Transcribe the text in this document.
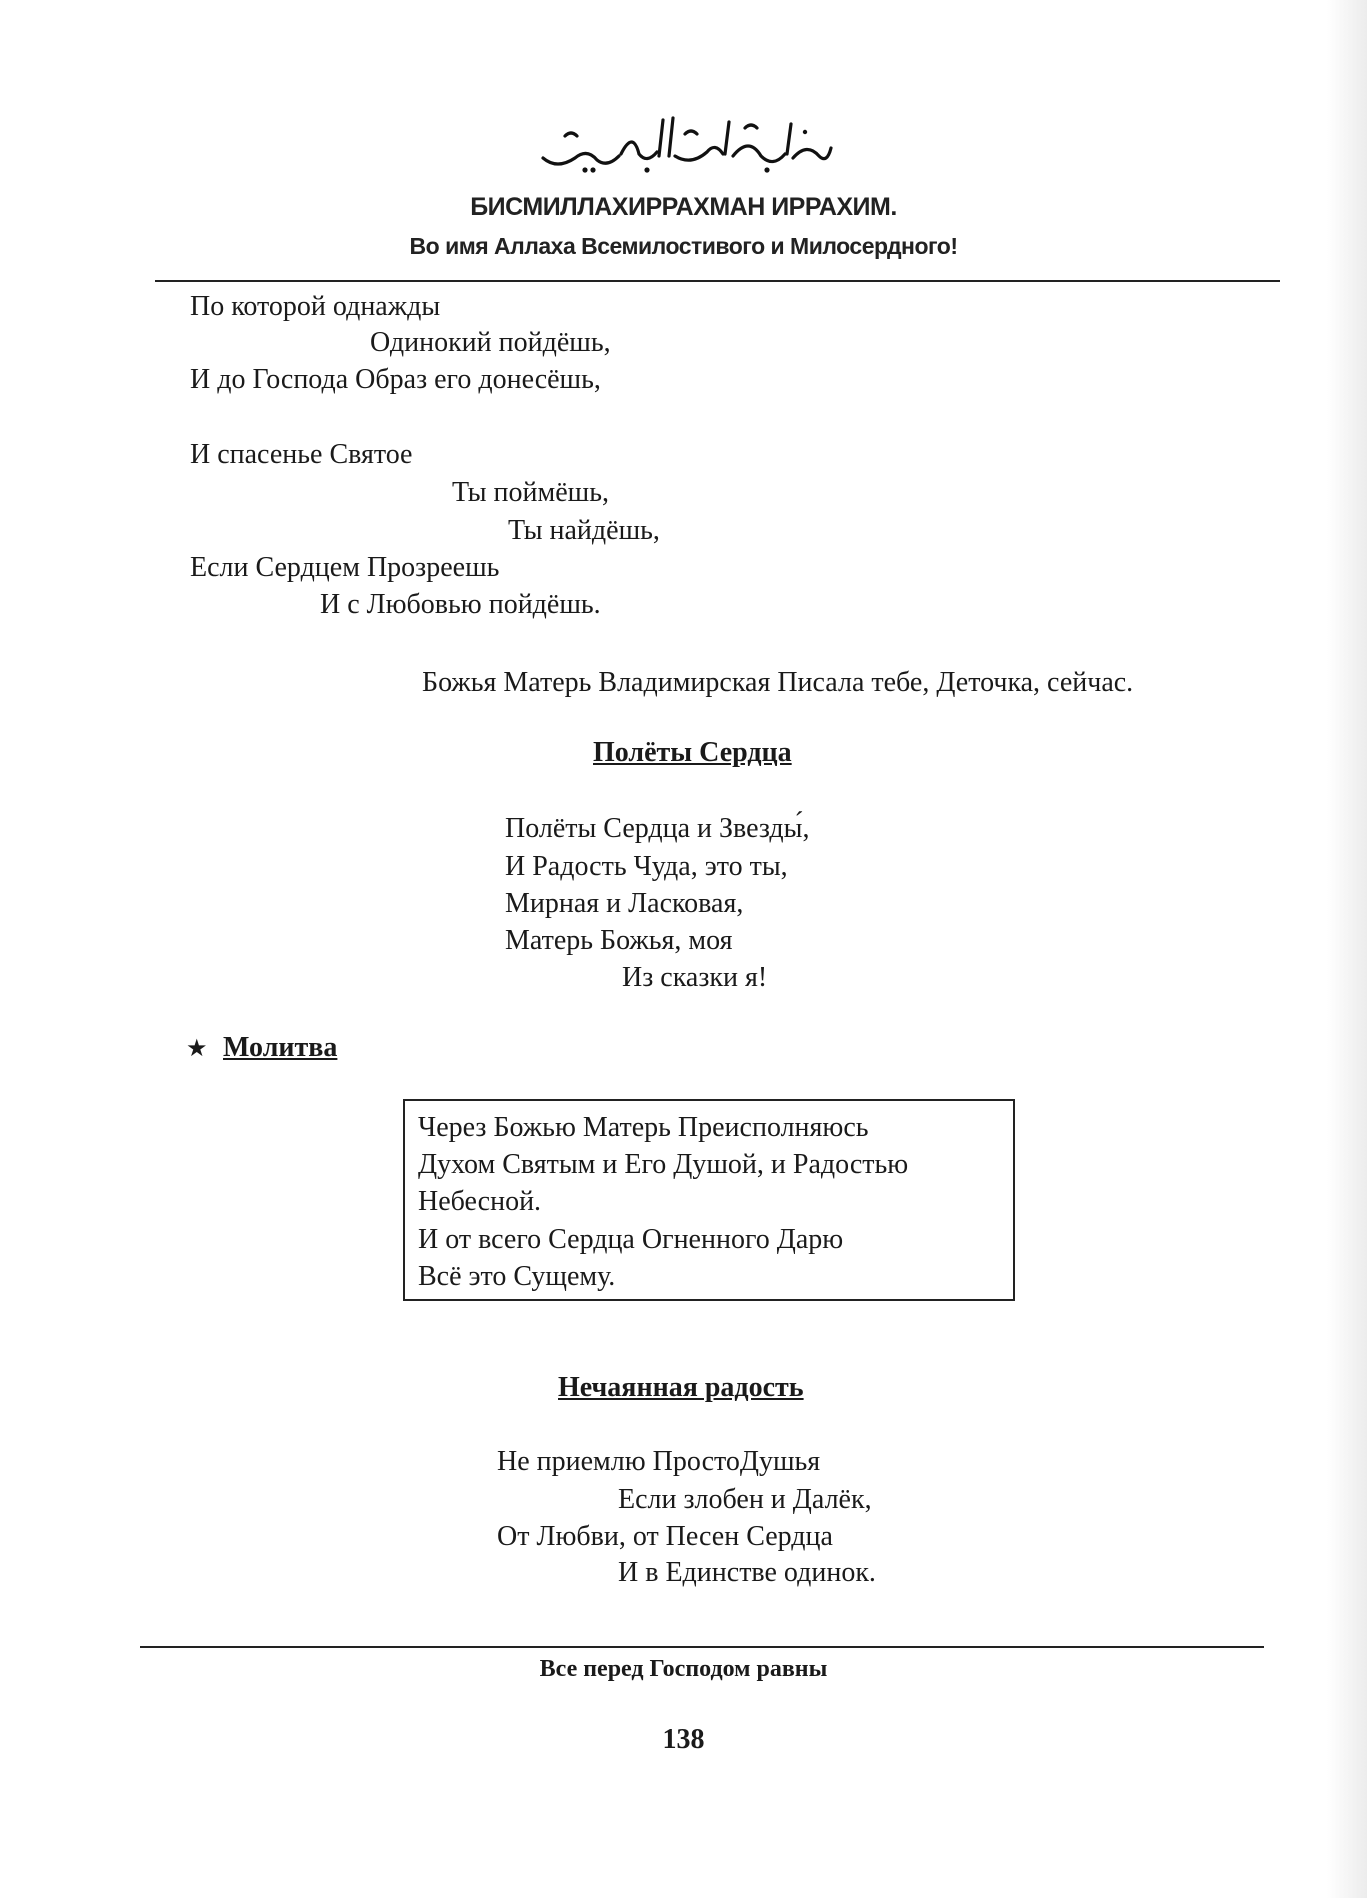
БИСМИЛЛАХИРРАХМАН ИРРАХИМ.
Во имя Аллаха Всемилостивого и Милосердного!
По которой однажды
Одинокий пойдёшь,
И до Господа Образ его донесёшь,
И спасенье Святое
Ты поймёшь,
Ты найдёшь,
Если Сердцем Прозреешь
И с Любовью пойдёшь.
Божья Матерь Владимирская Писала тебе, Деточка, сейчас.
Полёты Сердца
Полёты Сердца и Звезды́,
И Радость Чуда, это ты,
Мирная и Ласковая,
Матерь Божья, моя
Из сказки я!
★ Молитва
Через Божью Матерь Преисполняюсь
Духом Святым и Его Душой, и Радостью
Небесной.
И от всего Сердца Огненного Дарю
Всё это Сущему.
Нечаянная радость
Не приемлю ПростоДушья
Если злобен и Далёк,
От Любви, от Песен Сердца
И в Единстве одинок.
Все перед Господом равны
138
